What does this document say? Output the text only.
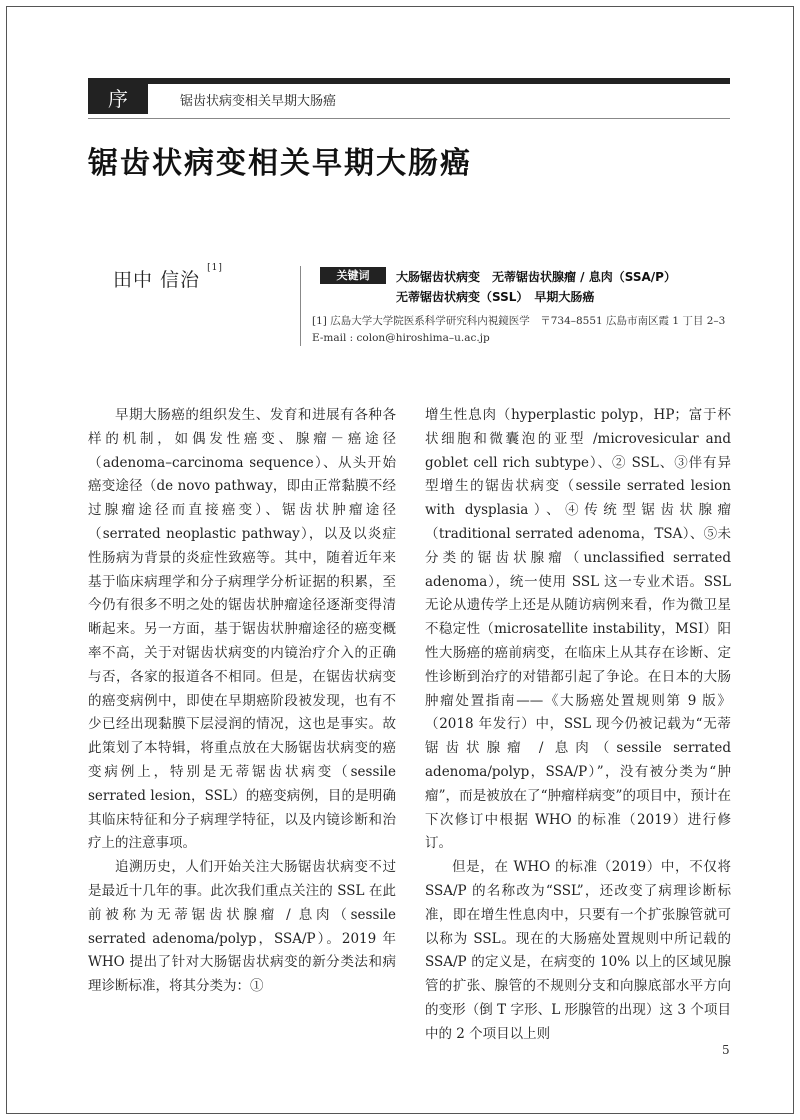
序	锯齿状病变相关早期大肠癌
锯齿状病变相关早期大肠癌
田中 信治 [1]
关键词	大肠锯齿状病变　无蒂锯齿状腺瘤 / 息肉（SSA/P）
无蒂锯齿状病变（SSL）　早期大肠癌
[1] 広島大学大学院医系科学研究科内視鏡医学　〒734–8551 広島市南区霞 1 丁目 2–3　E-mail : colon@hiroshima–u.ac.jp

早期大肠癌的组织发生、发育和进展有各种各样的机制，如偶发性癌变、腺瘤－癌途径（adenoma–carcinoma sequence）、从头开始癌变途径（de novo pathway，即由正常黏膜不经过腺瘤途径而直接癌变）、锯齿状肿瘤途径（serrated neoplastic pathway），以及以炎症性肠病为背景的炎症性致癌等。其中，随着近年来基于临床病理学和分子病理学分析证据的积累，至今仍有很多不明之处的锯齿状肿瘤途径逐渐变得清晰起来。另一方面，基于锯齿状肿瘤途径的癌变概率不高，关于对锯齿状病变的内镜治疗介入的正确与否，各家的报道各不相同。但是，在锯齿状病变的癌变病例中，即使在早期癌阶段被发现，也有不少已经出现黏膜下层浸润的情况，这也是事实。故此策划了本特辑，将重点放在大肠锯齿状病变的癌变病例上，特别是无蒂锯齿状病变（sessile serrated lesion，SSL）的癌变病例，目的是明确其临床特征和分子病理学特征，以及内镜诊断和治疗上的注意事项。

追溯历史，人们开始关注大肠锯齿状病变不过是最近十几年的事。此次我们重点关注的 SSL 在此前被称为无蒂锯齿状腺瘤 / 息肉（sessile serrated adenoma/polyp，SSA/P）。2019 年 WHO 提出了针对大肠锯齿状病变的新分类法和病理诊断标准，将其分类为：①

增生性息肉（hyperplastic polyp，HP；富于杯状细胞和微囊泡的亚型 /microvesicular and goblet cell rich subtype）、② SSL、③伴有异型增生的锯齿状病变（sessile serrated lesion with dysplasia）、④传统型锯齿状腺瘤（traditional serrated adenoma，TSA）、⑤未分类的锯齿状腺瘤（unclassified serrated adenoma），统一使用 SSL 这一专业术语。SSL 无论从遗传学上还是从随访病例来看，作为微卫星不稳定性（microsatellite instability，MSI）阳性大肠癌的癌前病变，在临床上从其存在诊断、定性诊断到治疗的对错都引起了争论。在日本的大肠肿瘤处置指南——《大肠癌处置规则第 9 版》（2018 年发行）中，SSL 现今仍被记载为“无蒂锯齿状腺瘤 / 息肉（sessile serrated adenoma/polyp，SSA/P）”，没有被分类为“肿瘤”，而是被放在了“肿瘤样病变”的项目中，预计在下次修订中根据 WHO 的标准（2019）进行修订。

但是，在 WHO 的标准（2019）中，不仅将 SSA/P 的名称改为“SSL”，还改变了病理诊断标准，即在增生性息肉中，只要有一个扩张腺管就可以称为 SSL。现在的大肠癌处置规则中所记载的 SSA/P 的定义是，在病变的 10% 以上的区域见腺管的扩张、腺管的不规则分支和向腺底部水平方向的变形（倒 T 字形、L 形腺管的出现）这 3 个项目中的 2 个项目以上则

5
